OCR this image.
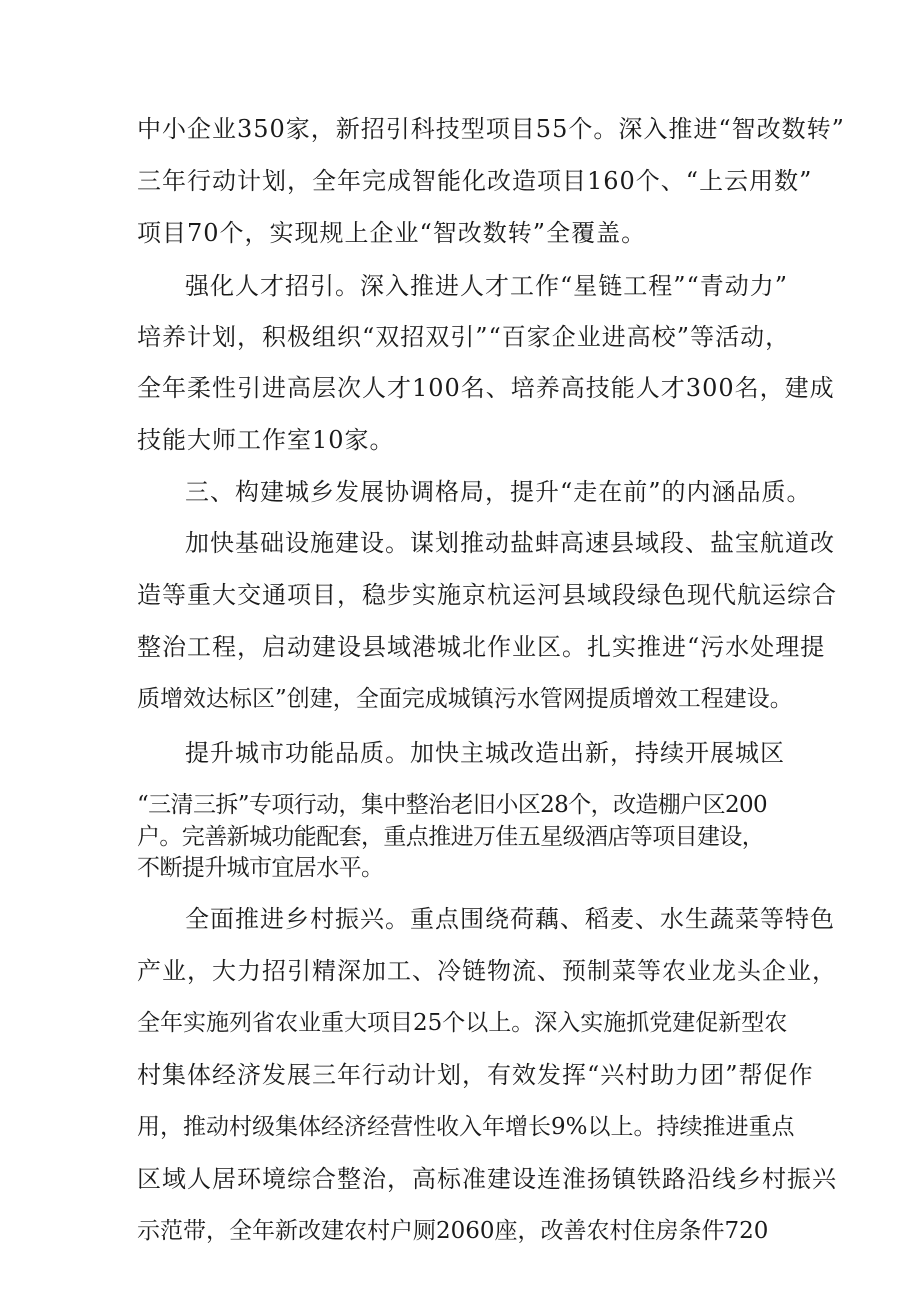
中小企业350家，新招引科技型项目55个。深入推进“智改数转”
三年行动计划，全年完成智能化改造项目160个、“上云用数”
项目70个，实现规上企业“智改数转”全覆盖。
强化人才招引。深入推进人才工作“星链工程”“青动力”
培养计划，积极组织“双招双引”“百家企业进高校”等活动，
全年柔性引进高层次人才100名、培养高技能人才300名，建成
技能大师工作室10家。
三、构建城乡发展协调格局，提升“走在前”的内涵品质。
加快基础设施建设。谋划推动盐蚌高速县域段、盐宝航道改
造等重大交通项目，稳步实施京杭运河县域段绿色现代航运综合
整治工程，启动建设县域港城北作业区。扎实推进“污水处理提
质增效达标区”创建，全面完成城镇污水管网提质增效工程建设。
提升城市功能品质。加快主城改造出新，持续开展城区
“三清三拆”专项行动，集中整治老旧小区28个，改造棚户区200
户。完善新城功能配套，重点推进万佳五星级酒店等项目建设，
不断提升城市宜居水平。
全面推进乡村振兴。重点围绕荷藕、稻麦、水生蔬菜等特色
产业，大力招引精深加工、冷链物流、预制菜等农业龙头企业，
全年实施列省农业重大项目25个以上。深入实施抓党建促新型农
村集体经济发展三年行动计划，有效发挥“兴村助力团”帮促作
用，推动村级集体经济经营性收入年增长9%以上。持续推进重点
区域人居环境综合整治，高标准建设连淮扬镇铁路沿线乡村振兴
示范带，全年新改建农村户厕2060座，改善农村住房条件720
